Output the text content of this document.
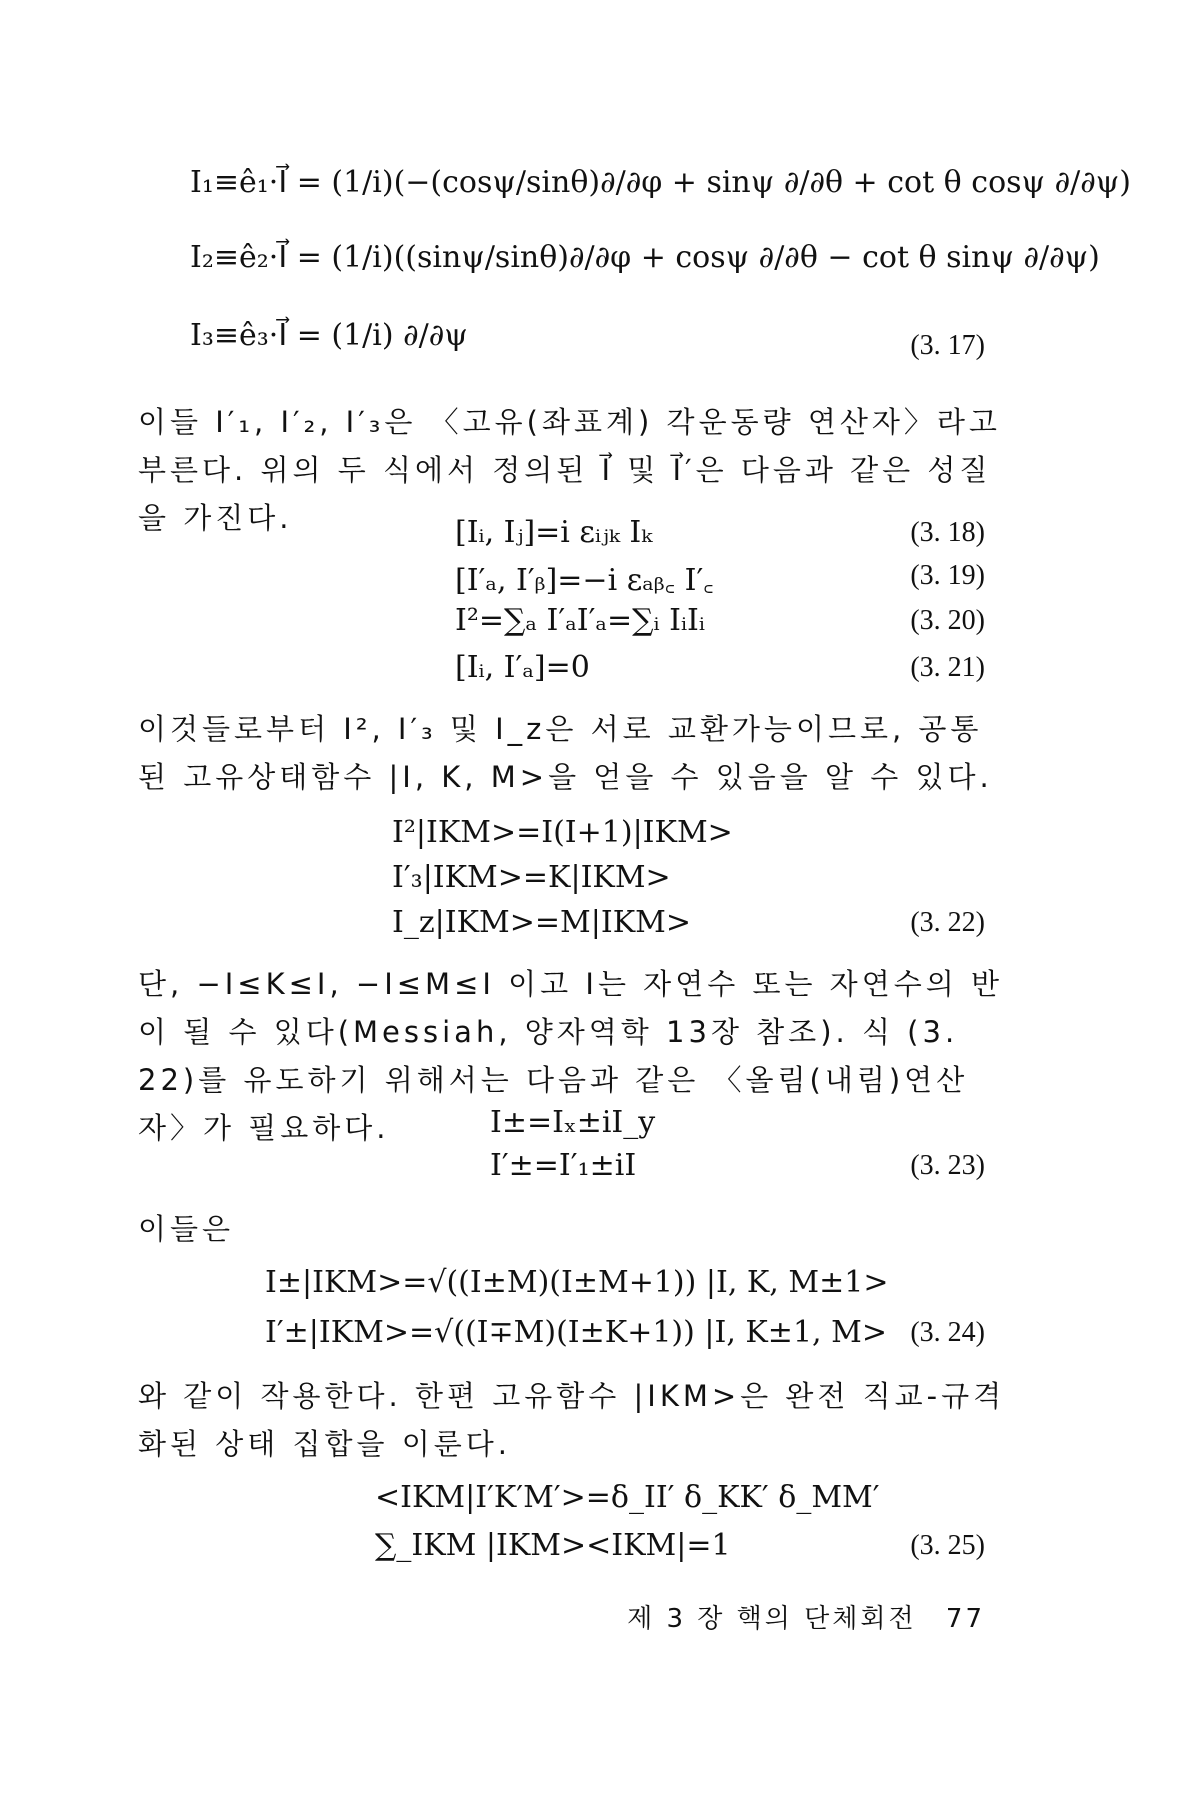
I₁≡ê₁·I⃗ = (1/i)(−(cosψ/sinθ)∂/∂φ + sinψ ∂/∂θ + cot θ cosψ ∂/∂ψ)
I₂≡ê₂·I⃗ = (1/i)((sinψ/sinθ)∂/∂φ + cosψ ∂/∂θ − cot θ sinψ ∂/∂ψ)
I₃≡ê₃·I⃗ = (1/i) ∂/∂ψ	(3. 17)
이들 I′₁, I′₂, I′₃은 〈고유(좌표계) 각운동량 연산자〉라고 부른다. 위의 두 식에서 정의된 I⃗ 및 I⃗′은 다음과 같은 성질을 가진다.	[Iᵢ, Iⱼ]=i εᵢⱼₖ Iₖ	(3. 18)
[I′ₐ, I′ᵦ]=−i εₐᵦ꜀ I′꜀	(3. 19)
I²=∑ₐ I′ₐI′ₐ=∑ᵢ IᵢIᵢ	(3. 20)
[Iᵢ, I′ₐ]=0	(3. 21)
이것들로부터 I², I′₃ 및 I_z은 서로 교환가능이므로, 공통된 고유상태함수 |I, K, M>을 얻을 수 있음을 알 수 있다.
I²|IKM>=I(I+1)|IKM>
I′₃|IKM>=K|IKM>
I_z|IKM>=M|IKM>	(3. 22)
단, −I≤K≤I, −I≤M≤I 이고 I는 자연수 또는 자연수의 반이 될 수 있다(Messiah, 양자역학 13장 참조). 식 (3. 22)를 유도하기 위해서는 다음과 같은 〈올림(내림)연산자〉가 필요하다.	I±=Iₓ±iI_y
I′±=I′₁±iI	(3. 23)
이들은
I±|IKM>=√((I±M)(I±M+1)) |I, K, M±1>
I′±|IKM>=√((I∓M)(I±K+1)) |I, K±1, M> (3. 24)
와 같이 작용한다. 한편 고유함수 |IKM>은 완전 직교-규격화된 상태 집합을 이룬다.
<IKM|I′K′M′>=δ_II′ δ_KK′ δ_MM′
∑_IKM |IKM><IKM|=1	(3. 25)
제 3 장 핵의 단체회전 77
